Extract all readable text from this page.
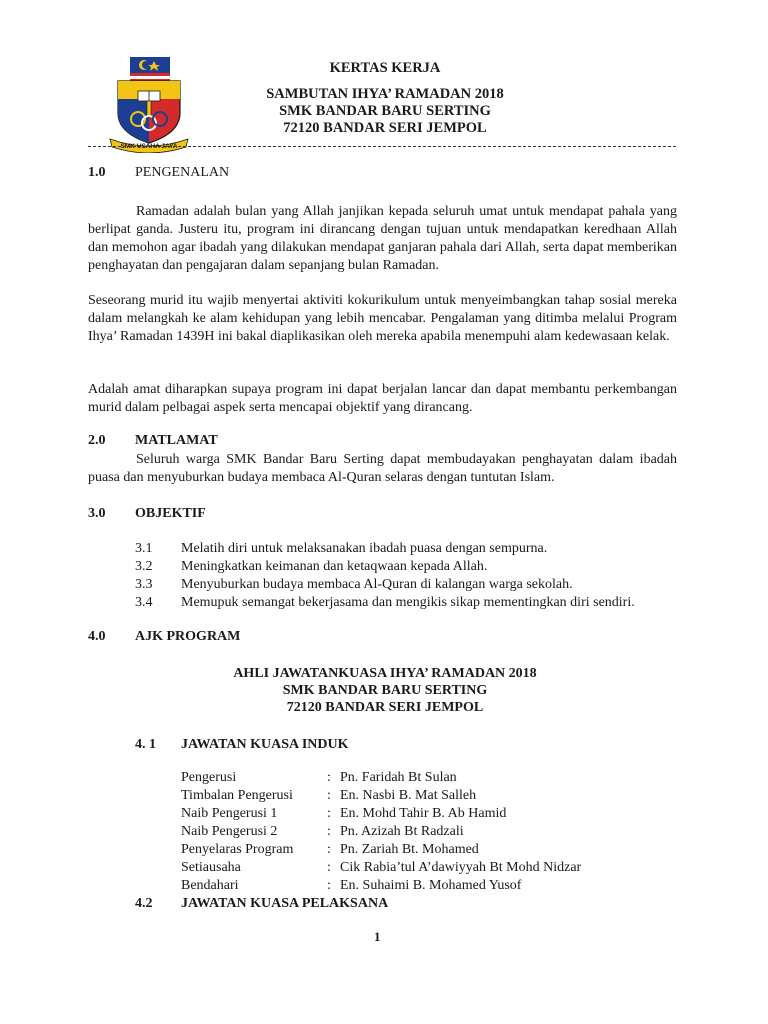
SMK USAHA JAYA
KERTAS KERJA
SAMBUTAN IHYA’ RAMADAN 2018
SMK BANDAR BARU SERTING
72120 BANDAR SERI JEMPOL
1.0 PENGENALAN
Ramadan adalah bulan yang Allah janjikan kepada seluruh umat untuk mendapat pahala yang berlipat ganda. Justeru itu, program ini dirancang dengan tujuan untuk mendapatkan keredhaan Allah dan memohon agar ibadah yang dilakukan mendapat ganjaran pahala dari Allah, serta dapat memberikan penghayatan dan pengajaran dalam sepanjang bulan Ramadan.
Seseorang murid itu wajib menyertai aktiviti kokurikulum untuk menyeimbangkan tahap sosial mereka dalam melangkah ke alam kehidupan yang lebih mencabar. Pengalaman yang ditimba melalui Program Ihya’ Ramadan 1439H ini bakal diaplikasikan oleh mereka apabila menempuhi alam kedewasaan kelak.
Adalah amat diharapkan supaya program ini dapat berjalan lancar dan dapat membantu perkembangan murid dalam pelbagai aspek serta mencapai objektif yang dirancang.
2.0 MATLAMAT
Seluruh warga SMK Bandar Baru Serting dapat membudayakan penghayatan dalam ibadah puasa dan menyuburkan budaya membaca Al-Quran selaras dengan tuntutan Islam.
3.0 OBJEKTIF
3.1 Melatih diri untuk melaksanakan ibadah puasa dengan sempurna.
3.2 Meningkatkan keimanan dan ketaqwaan kepada Allah.
3.3 Menyuburkan budaya membaca Al-Quran di kalangan warga sekolah.
3.4 Memupuk semangat bekerjasama dan mengikis sikap mementingkan diri sendiri.
4.0 AJK PROGRAM
AHLI JAWATANKUASA IHYA’ RAMADAN 2018
SMK BANDAR BARU SERTING
72120 BANDAR SERI JEMPOL
4. 1 JAWATAN KUASA INDUK
Pengerusi	: Pn. Faridah Bt Sulan
Timbalan Pengerusi : En. Nasbi B. Mat Salleh
Naib Pengerusi 1	: En. Mohd Tahir B. Ab Hamid
Naib Pengerusi 2	: Pn. Azizah Bt Radzali
Penyelaras Program : Pn. Zariah Bt. Mohamed
Setiausaha	: Cik Rabia’tul A’dawiyyah Bt Mohd Nidzar
Bendahari	: En. Suhaimi B. Mohamed Yusof
4.2 JAWATAN KUASA PELAKSANA
1
